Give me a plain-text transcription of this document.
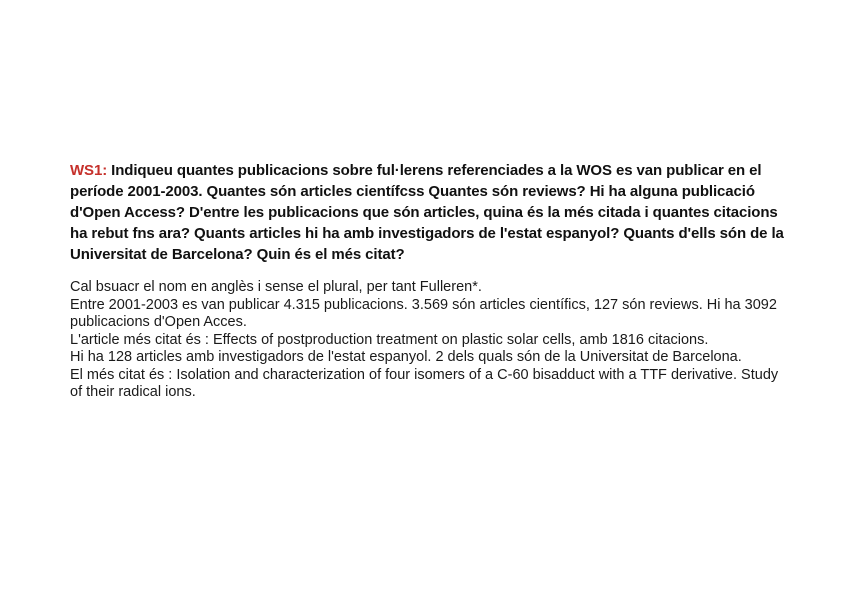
WS1: Indiqueu quantes publicacions sobre ful·lerens referenciades a la WOS es van publicar en el període 2001-2003. Quantes són articles científcss Quantes són reviews? Hi ha alguna publicació d'Open Access? D'entre les publicacions que són articles, quina és la més citada i quantes citacions ha rebut fns ara? Quants articles hi ha amb investigadors de l'estat espanyol? Quants d'ells són de la Universitat de Barcelona? Quin és el més citat?

Cal bsuacr el nom en anglès i sense el plural, per tant Fulleren*.

Entre 2001-2003 es van publicar 4.315 publicacions. 3.569 són articles científics, 127 són reviews. Hi ha 3092 publicacions d'Open Acces.

L'article més citat és : Effects of postproduction treatment on plastic solar cells, amb 1816 citacions.

Hi ha 128 articles amb investigadors de l'estat espanyol. 2 dels quals són de la Universitat de Barcelona.

El més citat és : Isolation and characterization of four isomers of a C-60 bisadduct with a TTF derivative. Study of their radical ions.
